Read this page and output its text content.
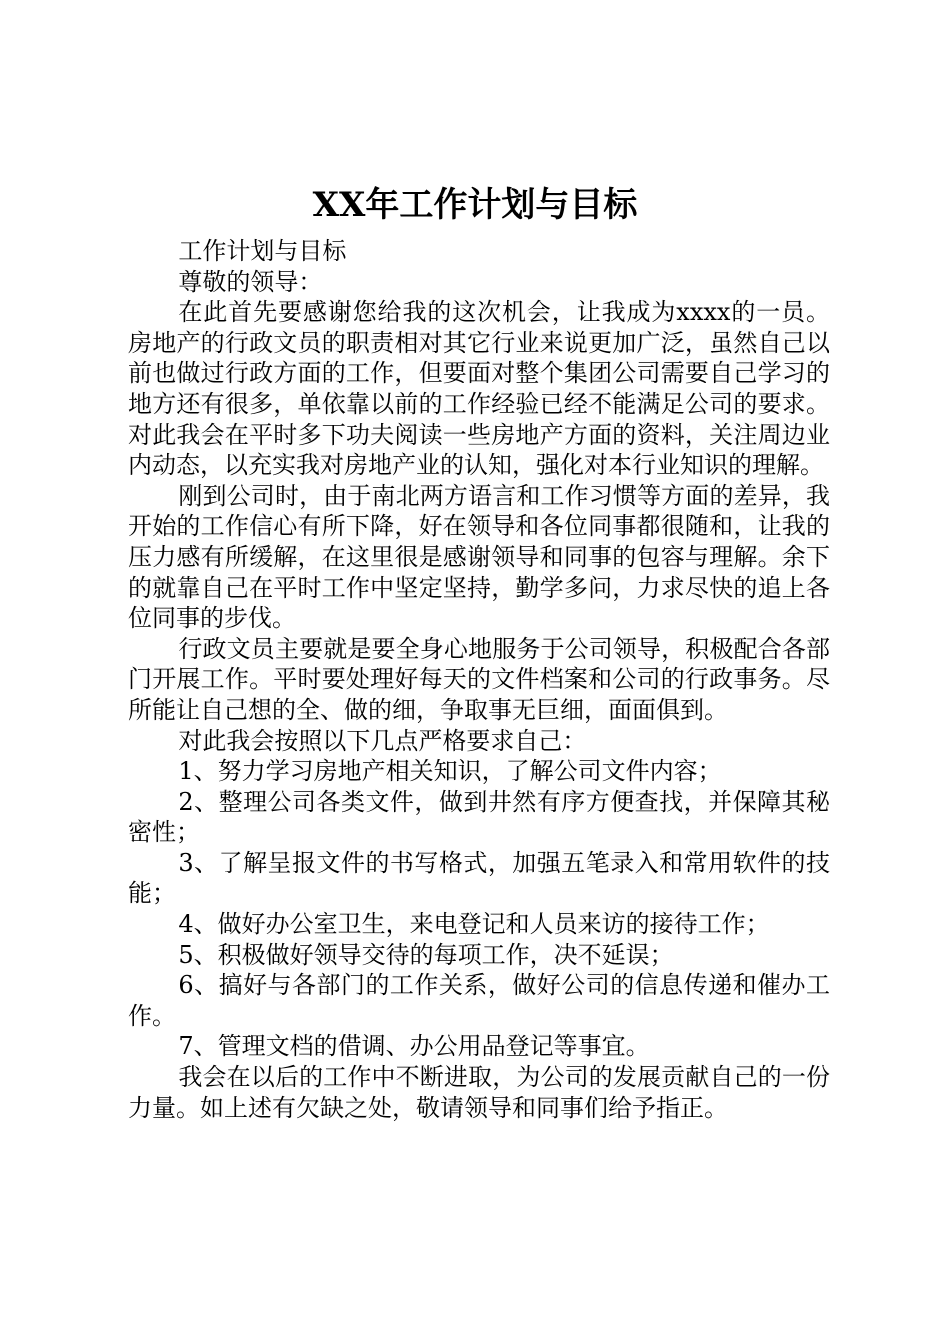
XX年工作计划与目标

工作计划与目标

尊敬的领导：

在此首先要感谢您给我的这次机会，让我成为xxxx的一员。房地产的行政文员的职责相对其它行业来说更加广泛，虽然自己以前也做过行政方面的工作，但要面对整个集团公司需要自己学习的地方还有很多，单依靠以前的工作经验已经不能满足公司的要求。对此我会在平时多下功夫阅读一些房地产方面的资料，关注周边业内动态，以充实我对房地产业的认知，强化对本行业知识的理解。

刚到公司时，由于南北两方语言和工作习惯等方面的差异，我开始的工作信心有所下降，好在领导和各位同事都很随和，让我的压力感有所缓解，在这里很是感谢领导和同事的包容与理解。余下的就靠自己在平时工作中坚定坚持，勤学多问，力求尽快的追上各位同事的步伐。

行政文员主要就是要全身心地服务于公司领导，积极配合各部门开展工作。平时要处理好每天的文件档案和公司的行政事务。尽所能让自己想的全、做的细，争取事无巨细，面面俱到。

对此我会按照以下几点严格要求自己：

1、努力学习房地产相关知识，了解公司文件内容；

2、整理公司各类文件，做到井然有序方便查找，并保障其秘密性；

3、了解呈报文件的书写格式，加强五笔录入和常用软件的技能；

4、做好办公室卫生，来电登记和人员来访的接待工作；

5、积极做好领导交待的每项工作，决不延误；

6、搞好与各部门的工作关系，做好公司的信息传递和催办工作。

7、管理文档的借调、办公用品登记等事宜。

我会在以后的工作中不断进取，为公司的发展贡献自己的一份力量。如上述有欠缺之处，敬请领导和同事们给予指正。
